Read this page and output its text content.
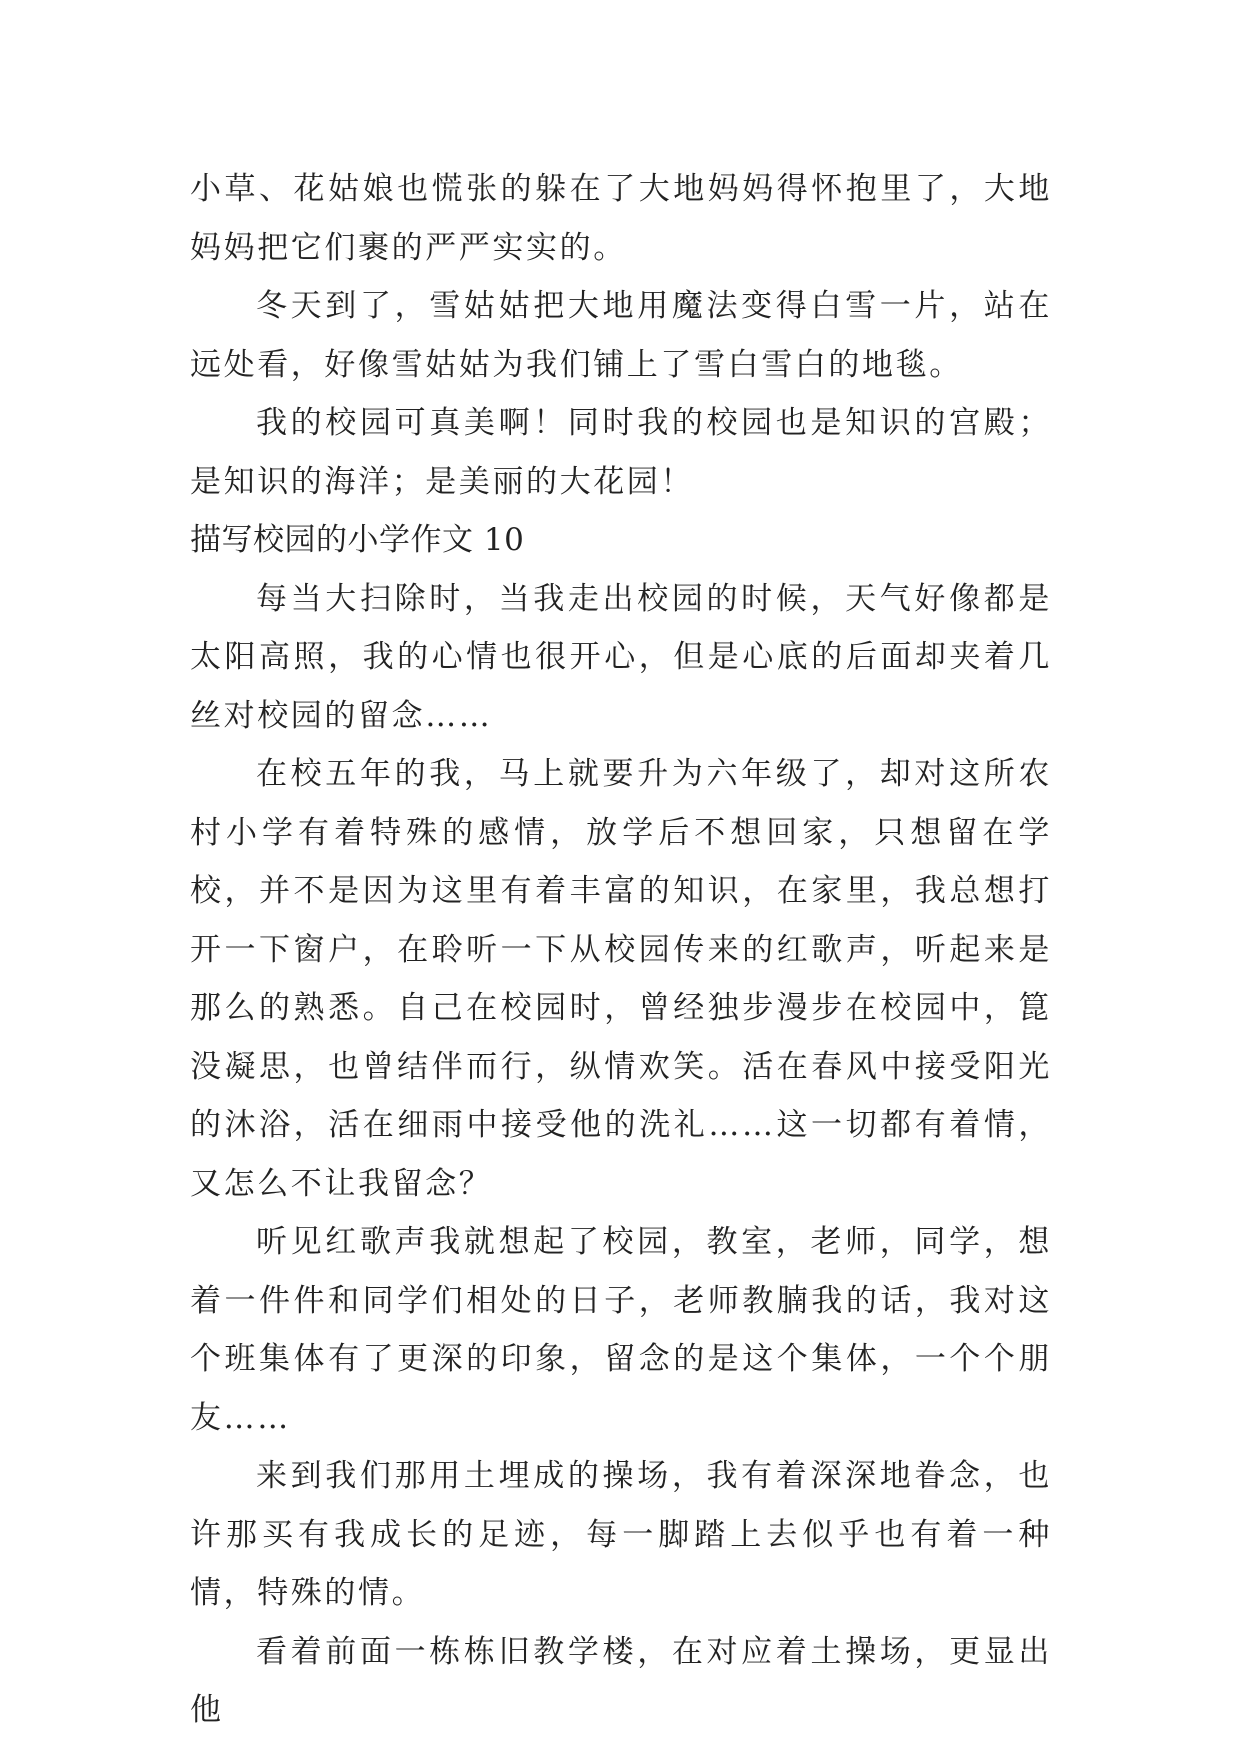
小草、花姑娘也慌张的躲在了大地妈妈得怀抱里了，大地妈妈把它们裹的严严实实的。

冬天到了，雪姑姑把大地用魔法变得白雪一片，站在远处看，好像雪姑姑为我们铺上了雪白雪白的地毯。

我的校园可真美啊！同时我的校园也是知识的宫殿；是知识的海洋；是美丽的大花园！

描写校园的小学作文 10

每当大扫除时，当我走出校园的时候，天气好像都是太阳高照，我的心情也很开心，但是心底的后面却夹着几丝对校园的留念……

在校五年的我，马上就要升为六年级了，却对这所农村小学有着特殊的感情，放学后不想回家，只想留在学校，并不是因为这里有着丰富的知识，在家里，我总想打开一下窗户，在聆听一下从校园传来的红歌声，听起来是那么的熟悉。自己在校园时，曾经独步漫步在校园中，箟没凝思，也曾结伴而行，纵情欢笑。活在春风中接受阳光的沐浴，活在细雨中接受他的洗礼……这一切都有着情，又怎么不让我留念？

听见红歌声我就想起了校园，教室，老师，同学，想着一件件和同学们相处的日子，老师教腩我的话，我对这个班集体有了更深的印象，留念的是这个集体，一个个朋友……

来到我们那用土埋成的操场，我有着深深地眷念，也许那买有我成长的足迹，每一脚踏上去似乎也有着一种情，特殊的情。

看着前面一栋栋旧教学楼，在对应着土操场，更显出他
